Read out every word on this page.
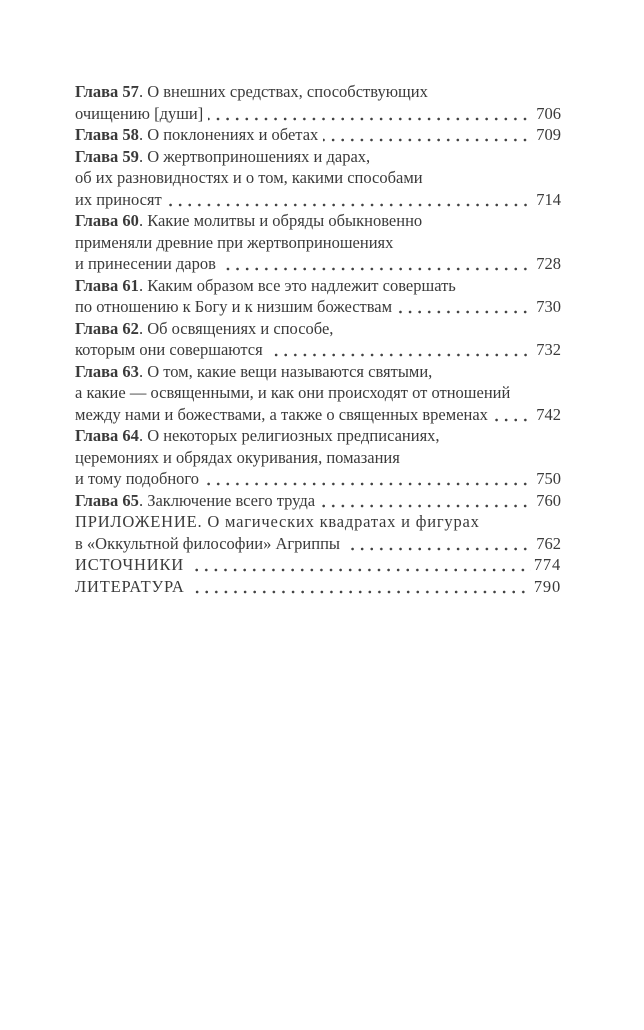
Глава 57. О внешних средствах, способствующих
очищению [души]	706
Глава 58. О поклонениях и обетах	709
Глава 59. О жертвоприношениях и дарах,
об их разновидностях и о том, какими способами
их приносят	714
Глава 60. Какие молитвы и обряды обыкновенно
применяли древние при жертвоприношениях
и принесении даров	728
Глава 61. Каким образом все это надлежит совершать
по отношению к Богу и к низшим божествам	730
Глава 62. Об освящениях и способе,
которым они совершаются	732
Глава 63. О том, какие вещи называются святыми,
а какие — освященными, и как они происходят от отношений
между нами и божествами, а также о священных временах	742
Глава 64. О некоторых религиозных предписаниях,
церемониях и обрядах окуривания, помазания
и тому подобного	750
Глава 65. Заключение всего труда	760
ПРИЛОЖЕНИЕ. О магических квадратах и фигурах
в «Оккультной философии» Агриппы	762
ИСТОЧНИКИ	774
ЛИТЕРАТУРА	790
